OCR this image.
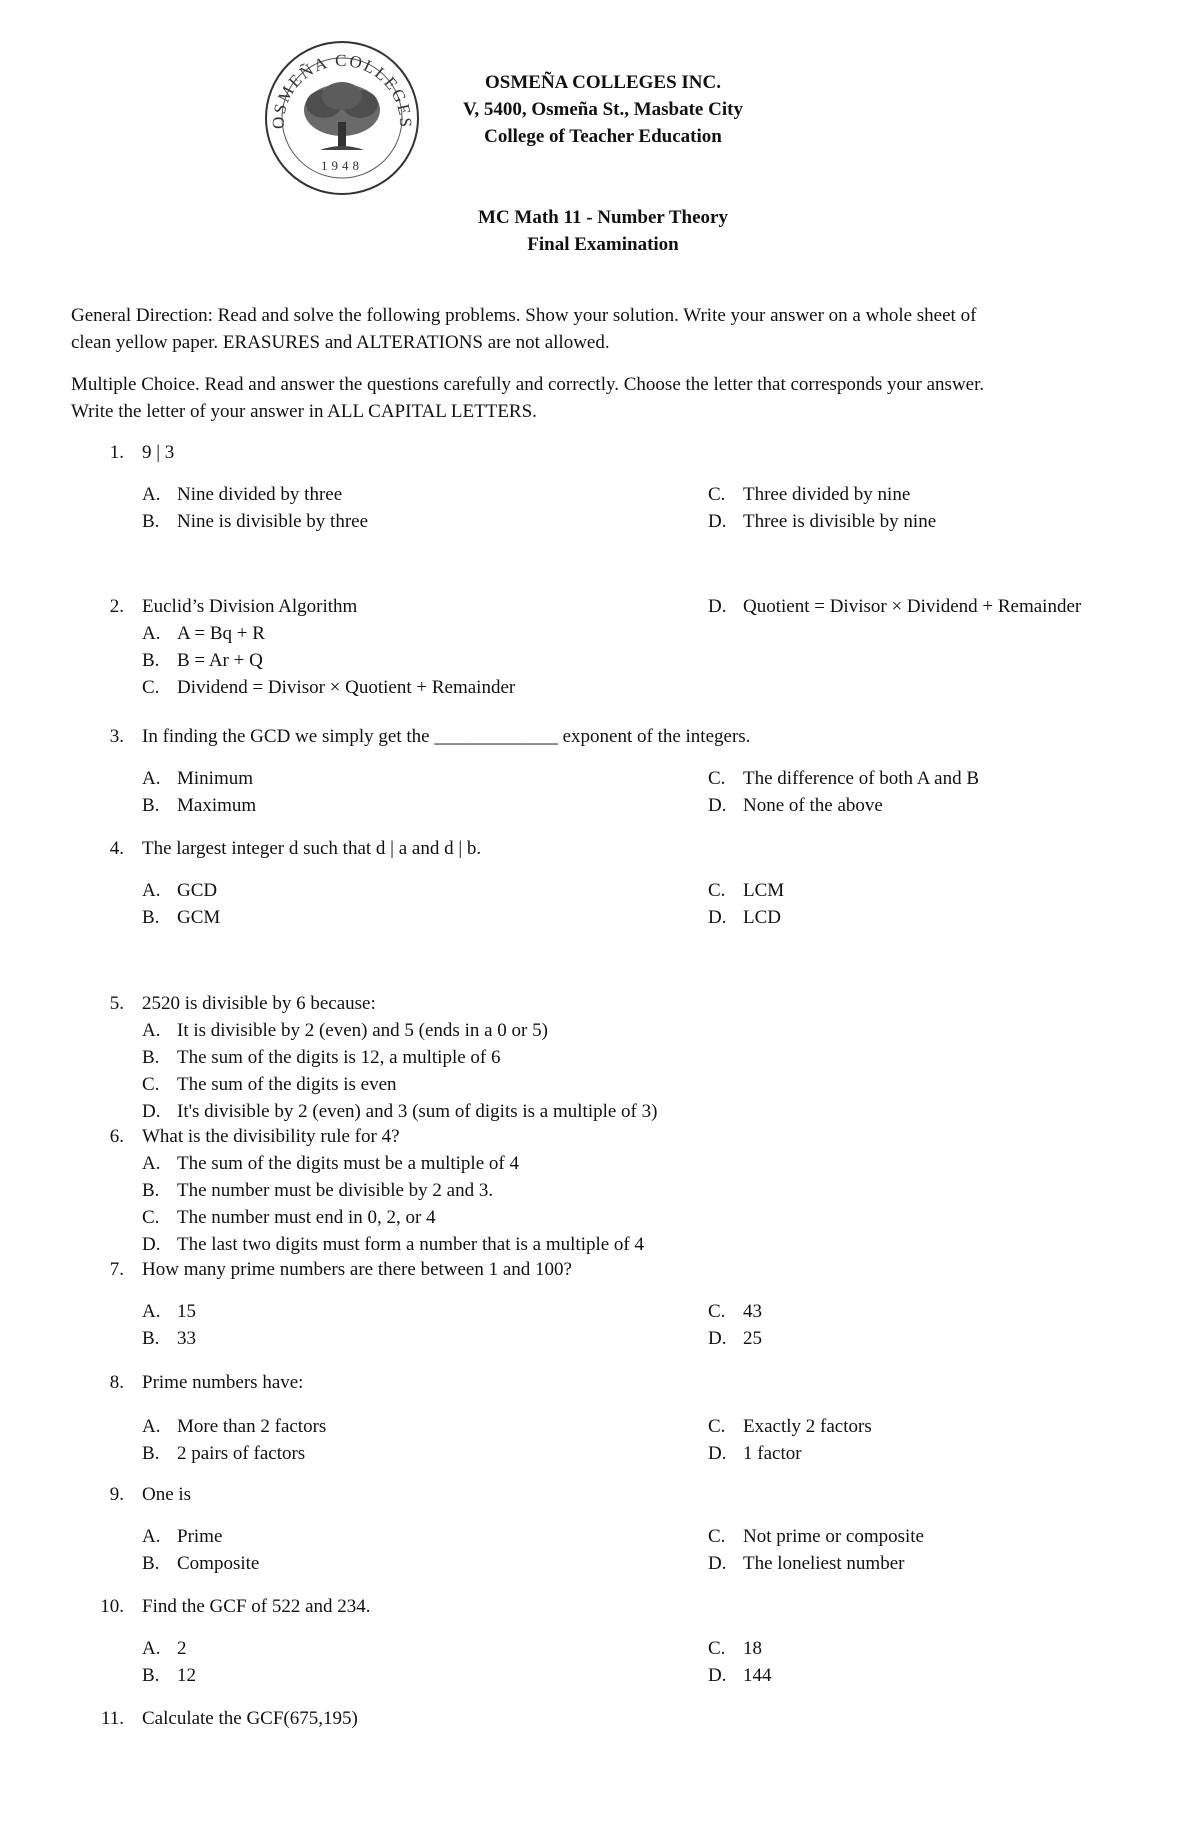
OSMEÑA COLLEGES
1948
OSMEÑA COLLEGES INC.
V, 5400, Osmeña St., Masbate City
College of Teacher Education
MC Math 11 - Number Theory
Final Examination
General Direction: Read and solve the following problems. Show your solution. Write your answer on a whole sheet of
clean yellow paper. ERASURES and ALTERATIONS are not allowed.
Multiple Choice. Read and answer the questions carefully and correctly. Choose the letter that corresponds your answer.
Write the letter of your answer in ALL CAPITAL LETTERS.
1. 9 | 3
A. Nine divided by three
B. Nine is divisible by three
C. Three divided by nine
D. Three is divisible by nine
2. Euclid’s Division Algorithm
A. A = Bq + R
B. B = Ar + Q
C. Dividend = Divisor × Quotient + Remainder
D. Quotient = Divisor × Dividend + Remainder
3. In finding the GCD we simply get the _____________ exponent of the integers.
A. Minimum
B. Maximum
C. The difference of both A and B
D. None of the above
4. The largest integer d such that d | a and d | b.
A. GCD
B. GCM
C. LCM
D. LCD
5. 2520 is divisible by 6 because:
A. It is divisible by 2 (even) and 5 (ends in a 0 or 5)
B. The sum of the digits is 12, a multiple of 6
C. The sum of the digits is even
D. It's divisible by 2 (even) and 3 (sum of digits is a multiple of 3)
6. What is the divisibility rule for 4?
A. The sum of the digits must be a multiple of 4
B. The number must be divisible by 2 and 3.
C. The number must end in 0, 2, or 4
D. The last two digits must form a number that is a multiple of 4
7. How many prime numbers are there between 1 and 100?
A. 15
B. 33
C. 43
D. 25
8. Prime numbers have:
A. More than 2 factors
B. 2 pairs of factors
C. Exactly 2 factors
D. 1 factor
9. One is
A. Prime
B. Composite
C. Not prime or composite
D. The loneliest number
10. Find the GCF of 522 and 234.
A. 2
B. 12
C. 18
D. 144
11. Calculate the GCF(675,195)
